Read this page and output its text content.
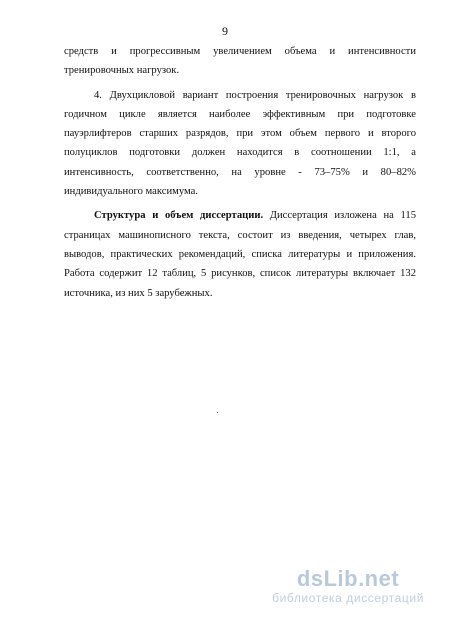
9

средств и прогрессивным увеличением объема и интенсивности тренировочных нагрузок.

4. Двухцикловой вариант построения тренировочных нагрузок в годичном цикле является наиболее эффективным при подготовке пауэрлифтеров старших разрядов, при этом объем первого и второго полуциклов подготовки должен находится в соотношении 1:1, а интенсивность, соответственно, на уровне - 73–75% и 80–82% индивидуального максимума.

Структура и объем диссертации. Диссертация изложена на 115 страницах машинописного текста, состоит из введения, четырех глав, выводов, практических рекомендаций, списка литературы и приложения. Работа содержит 12 таблиц, 5 рисунков, список литературы включает 132 источника, из них 5 зарубежных.

dsLib.net
библиотека диссертаций
